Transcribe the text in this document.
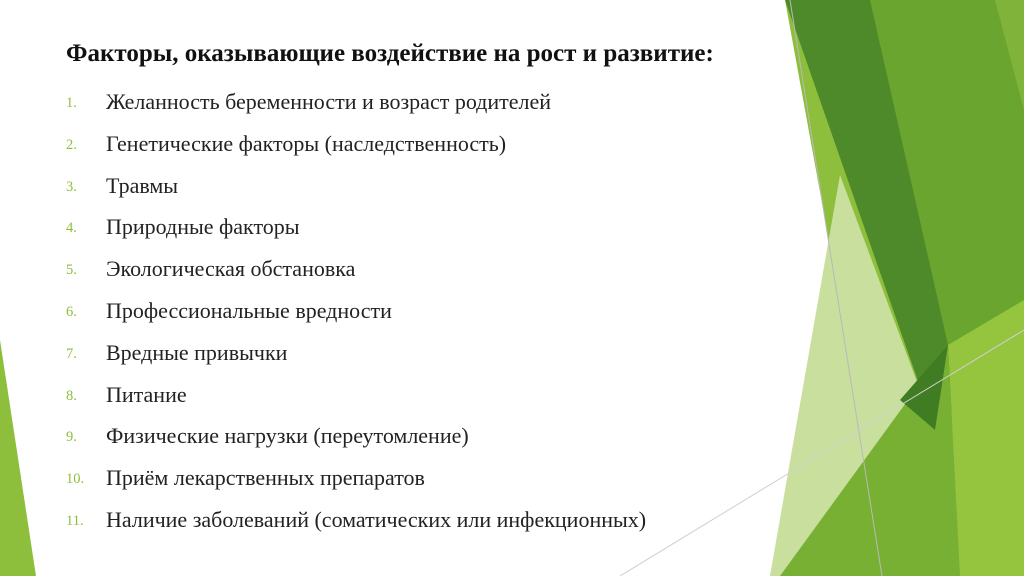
Факторы, оказывающие воздействие на рост и развитие:
1. Желанность беременности и возраст родителей
2. Генетические факторы (наследственность)
3. Травмы
4. Природные факторы
5. Экологическая обстановка
6. Профессиональные вредности
7. Вредные привычки
8. Питание
9. Физические нагрузки (переутомление)
10. Приём лекарственных препаратов
11. Наличие заболеваний (соматических или инфекционных)
